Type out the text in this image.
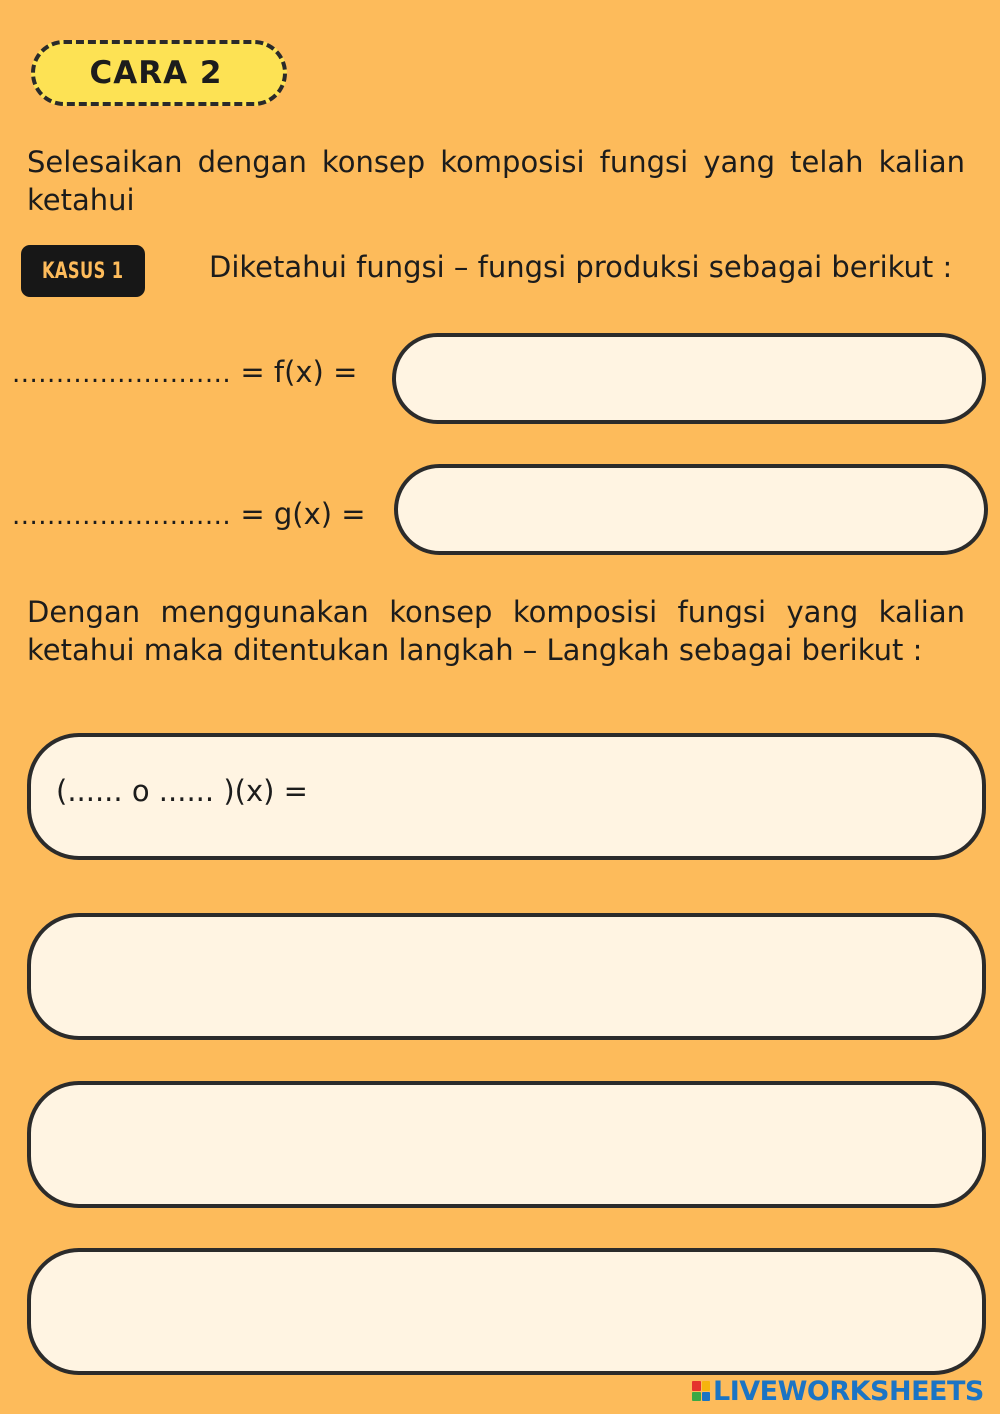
CARA 2
Selesaikan dengan konsep komposisi fungsi yang telah kalian ketahui
KASUS 1	Diketahui fungsi – fungsi produksi sebagai berikut :
......................... = f(x) =
......................... = g(x) =
Dengan menggunakan konsep komposisi fungsi yang kalian ketahui maka ditentukan langkah – Langkah sebagai berikut :
(...... o ...... )(x) =
LIVEWORKSHEETS
